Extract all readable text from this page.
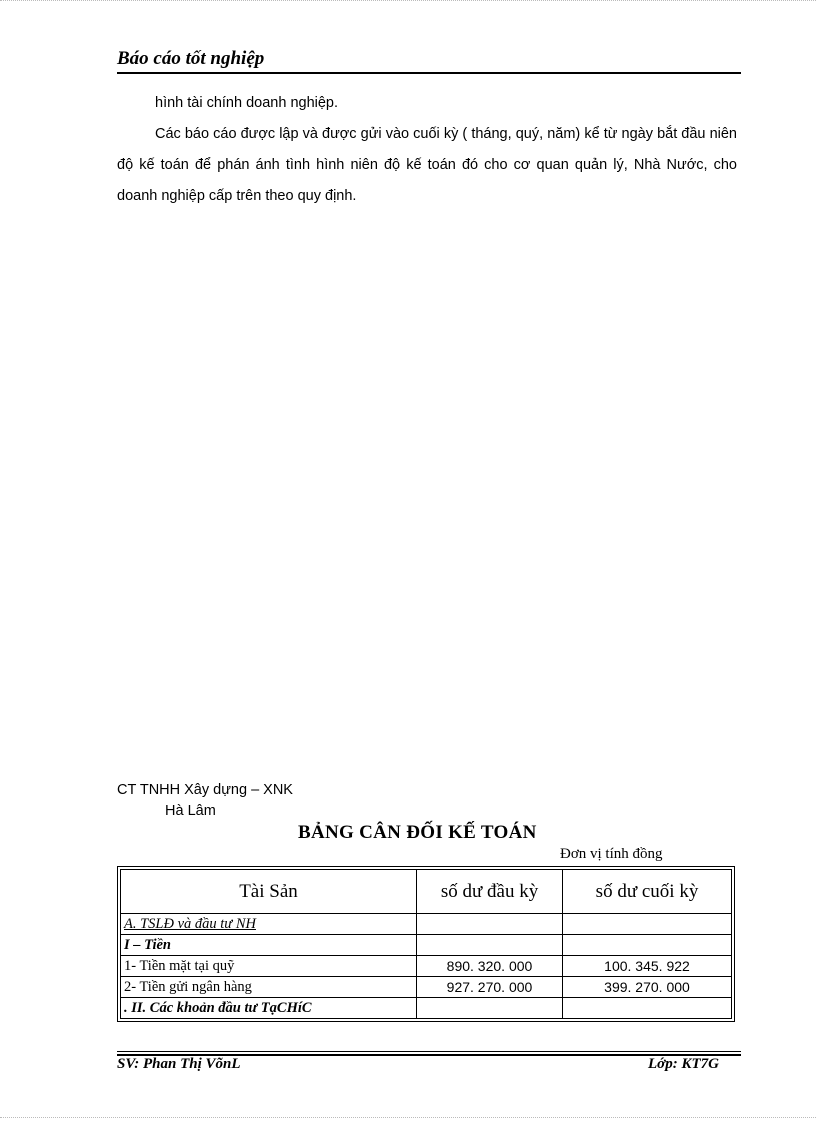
Báo cáo tốt nghiệp
hình tài chính doanh nghiệp.
Các báo cáo được lập và được gửi vào cuối kỳ ( tháng, quý, năm) kể từ ngày bắt đầu niên độ kế toán để phán ánh tình hình niên độ kế toán đó cho cơ quan quản lý, Nhà Nước, cho doanh nghiệp cấp trên theo quy định.
CT TNHH Xây dựng – XNK
Hà Lâm
BẢNG CÂN ĐỐI KẾ TOÁN
Đơn vị tính đồng
Tài Sản	số dư đầu kỳ	số dư cuối kỳ
A. TSLĐ và đầu tư NH		
I – Tiền		
1- Tiền mặt tại quỹ	890. 320. 000	100. 345. 922
2- Tiền gửi ngân hàng	927. 270. 000	399. 270. 000
. II. Các khoản đầu tư TạCHíC		
SV: Phan Thị VõnL	Lớp: KT7G
